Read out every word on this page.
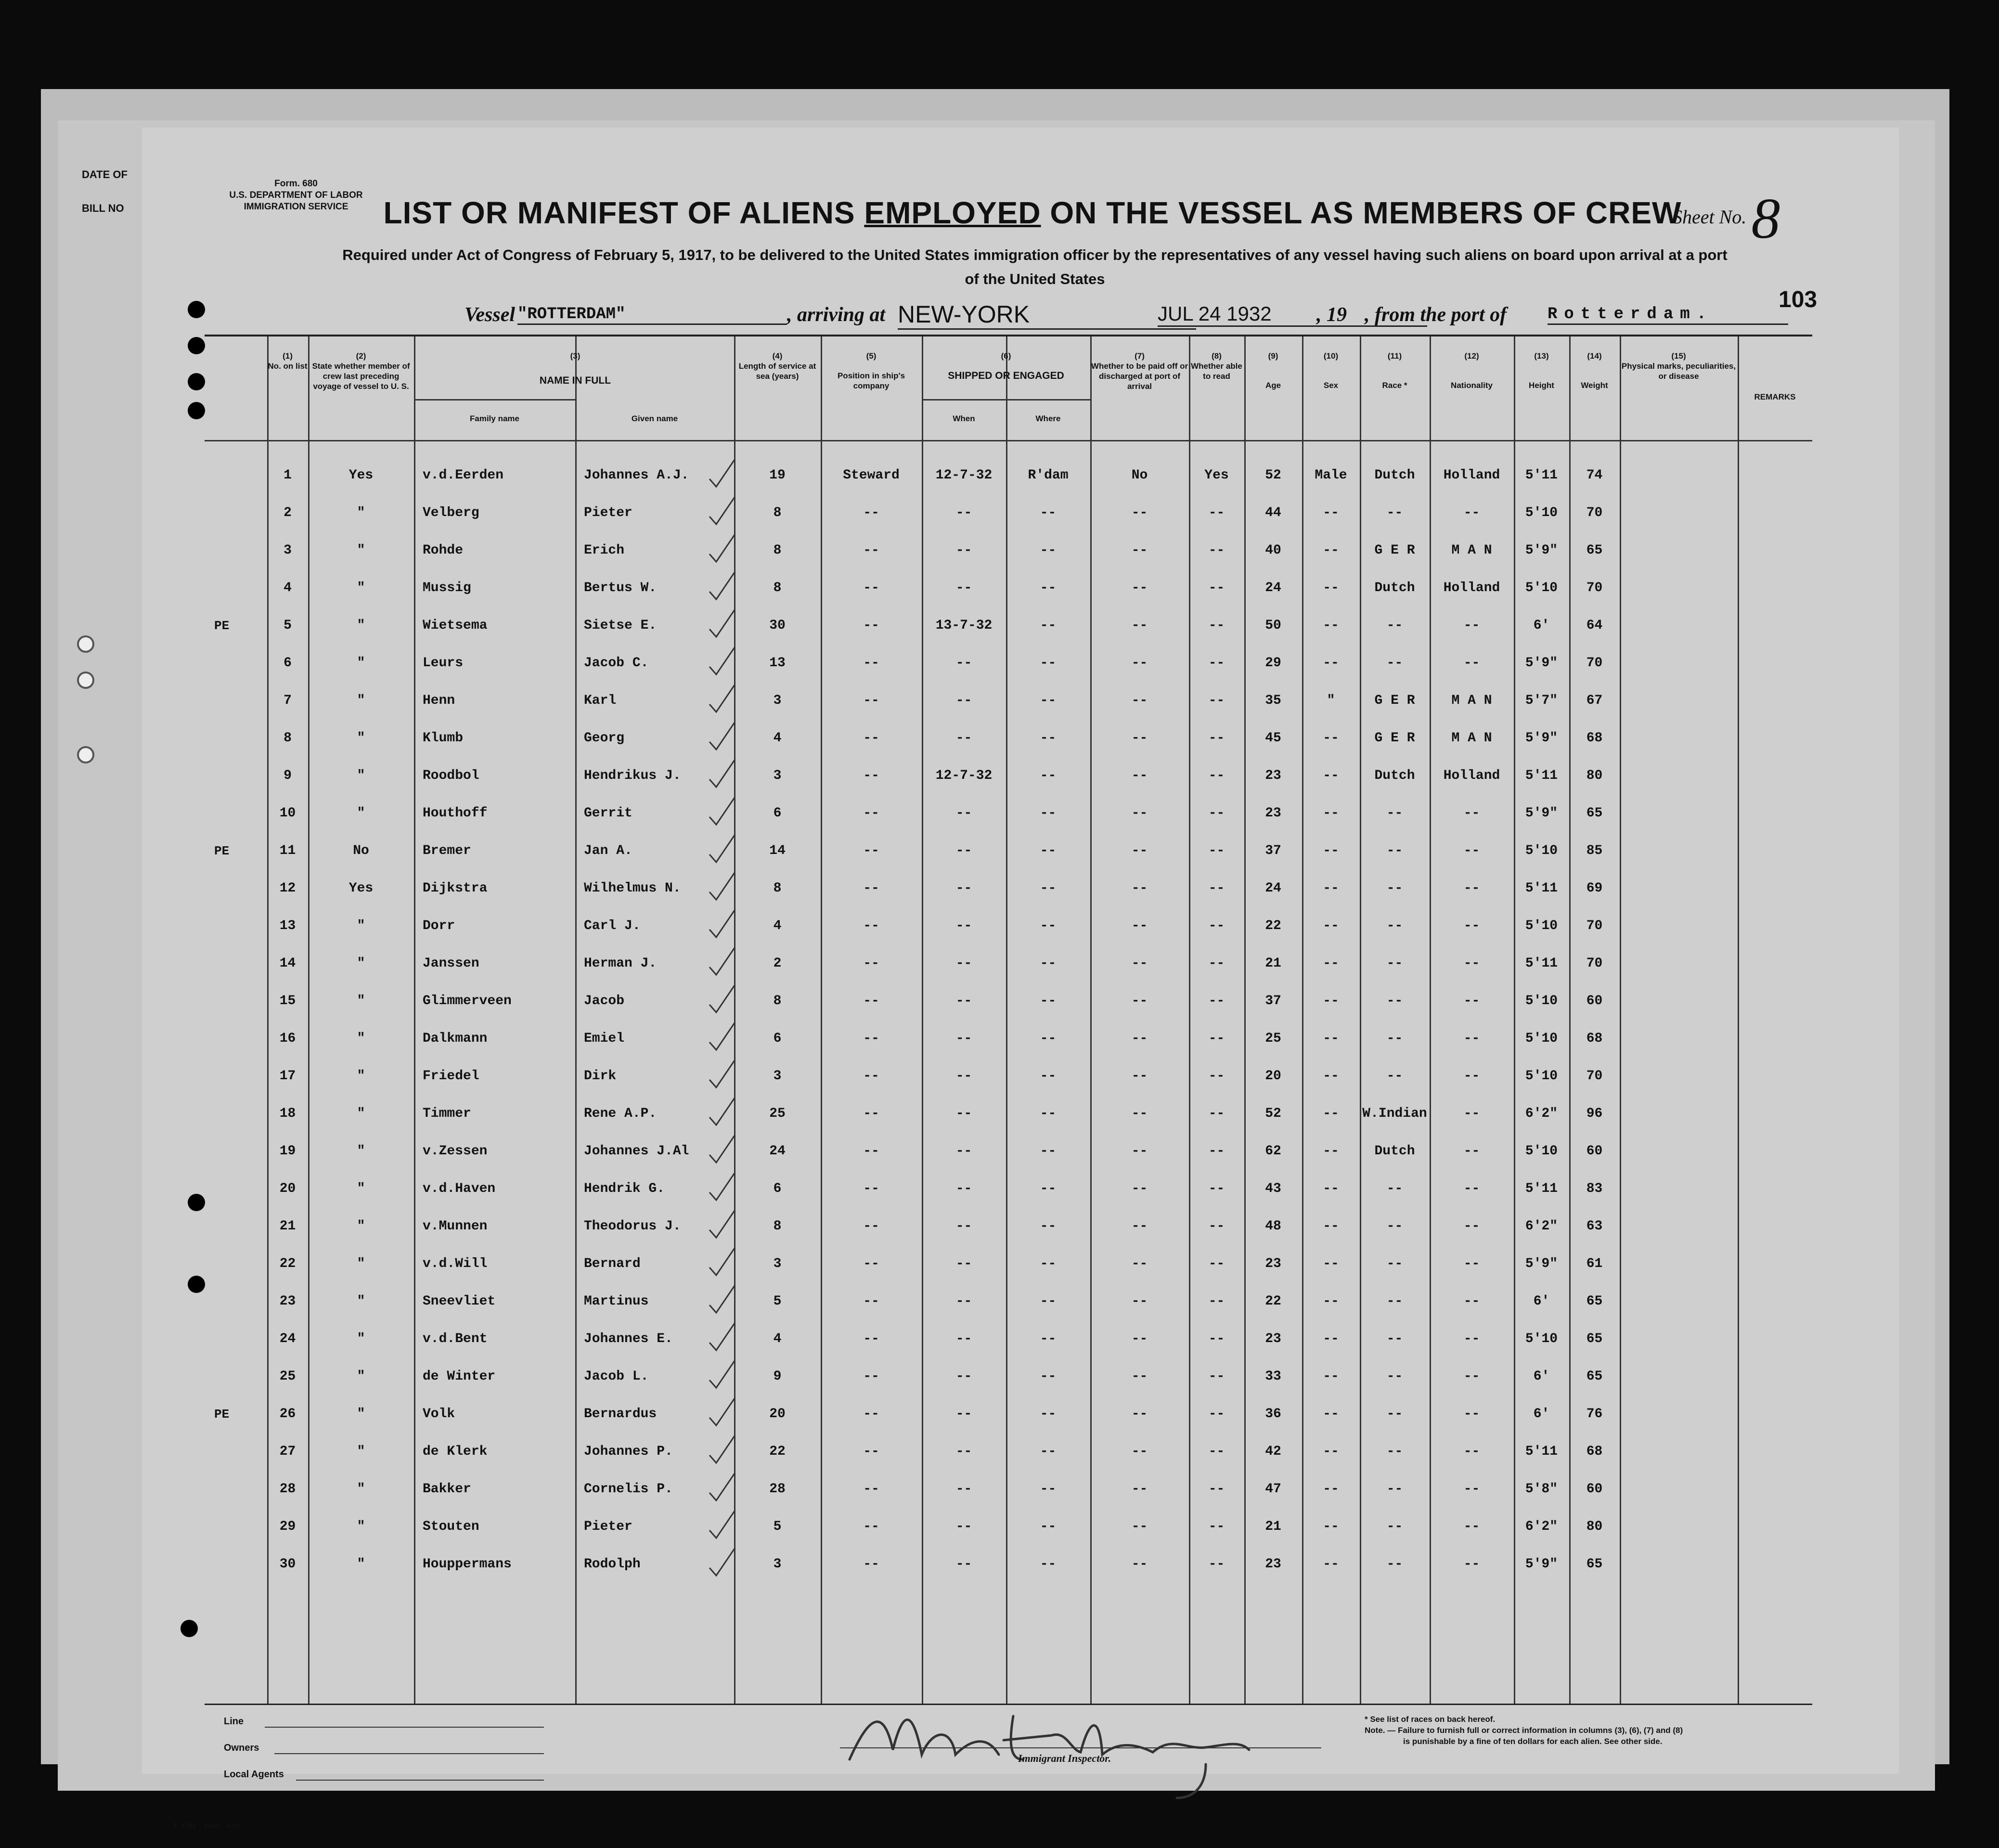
DATE OF
BILL NO
Form. 680
U.S. DEPARTMENT OF LABOR
IMMIGRATION SERVICE	LIST OR MANIFEST OF ALIENS EMPLOYED ON THE VESSEL AS MEMBERS OF CREW
Sheet No.8
Required under Act of Congress of February 5, 1917, to be delivered to the United States immigration officer by the representatives of any vessel having such aliens on board upon arrival at a port
of the United States
103
Vessel "ROTTERDAM"	, arriving at NEW-YORK	JUL 24 1932	, 19 , from the port of Rotterdam.
(1)
No. on list
(2)
State whether member of crew last preceding voyage of vessel to U. S.
(3)
NAME IN FULL
Family name	Given name
(4)
Length of service at sea (years)
(5)
Position in ship's company
(6)
SHIPPED OR ENGAGED
When	Where
(7)
Whether to be paid off or discharged at port of arrival
(8)
Whether able to read
(9)
Age
(10)
Sex
(11)
Race *
(12)
Nationality
(13)
Height
(14)
Weight
(15)
Physical marks, peculiarities, or disease
REMARKS
1	Yes	v.d.Eerden	Johannes A.J.	19	Steward	12-7-32	R'dam	No	Yes	52	Male	Dutch	Holland	5'11	74
2	"	Velberg	Pieter	8	--	--	--	--	--	44	--	--	--	5'10	70
3	"	Rohde	Erich	8	--	--	--	--	--	40	--	G E R	M A N	5'9"	65
4	"	Mussig	Bertus W.	8	--	--	--	--	--	24	--	Dutch	Holland	5'10	70
5	"	Wietsema	Sietse E.	30	--	13-7-32	--	--	--	50	--	--	--	6'	64
6	"	Leurs	Jacob C.	13	--	--	--	--	--	29	--	--	--	5'9"	70
7	"	Henn	Karl	3	--	--	--	--	--	35	"	G E R	M A N	5'7"	67
8	"	Klumb	Georg	4	--	--	--	--	--	45	--	G E R	M A N	5'9"	68
9	"	Roodbol	Hendrikus J.	3	--	12-7-32	--	--	--	23	--	Dutch	Holland	5'11	80
10	"	Houthoff	Gerrit	6	--	--	--	--	--	23	--	--	--	5'9"	65
11	No	Bremer	Jan A.	14	--	--	--	--	--	37	--	--	--	5'10	85
12	Yes	Dijkstra	Wilhelmus N.	8	--	--	--	--	--	24	--	--	--	5'11	69
13	"	Dorr	Carl J.	4	--	--	--	--	--	22	--	--	--	5'10	70
14	"	Janssen	Herman J.	2	--	--	--	--	--	21	--	--	--	5'11	70
15	"	Glimmerveen	Jacob	8	--	--	--	--	--	37	--	--	--	5'10	60
16	"	Dalkmann	Emiel	6	--	--	--	--	--	25	--	--	--	5'10	68
17	"	Friedel	Dirk	3	--	--	--	--	--	20	--	--	--	5'10	70
18	"	Timmer	Rene A.P.	25	--	--	--	--	--	52	--	W.Indian	--	6'2"	96
19	"	v.Zessen	Johannes J.Al	24	--	--	--	--	--	62	--	Dutch	--	5'10	60
20	"	v.d.Haven	Hendrik G.	6	--	--	--	--	--	43	--	--	--	5'11	83
21	"	v.Munnen	Theodorus J.	8	--	--	--	--	--	48	--	--	--	6'2"	63
22	"	v.d.Will	Bernard	3	--	--	--	--	--	23	--	--	--	5'9"	61
23	"	Sneevliet	Martinus	5	--	--	--	--	--	22	--	--	--	6'	65
24	"	v.d.Bent	Johannes E.	4	--	--	--	--	--	23	--	--	--	5'10	65
25	"	de Winter	Jacob L.	9	--	--	--	--	--	33	--	--	--	6'	65
26	"	Volk	Bernardus	20	--	--	--	--	--	36	--	--	--	6'	76
27	"	de Klerk	Johannes P.	22	--	--	--	--	--	42	--	--	--	5'11	68
28	"	Bakker	Cornelis P.	28	--	--	--	--	--	47	--	--	--	5'8"	60
29	"	Stouten	Pieter	5	--	--	--	--	--	21	--	--	--	6'2"	80
30	"	Houppermans	Rodolph	3	--	--	--	--	--	23	--	--	--	5'9"	65
PE
PE
PE
Line
Owners
Local Agents
Immigrant Inspector.
* See list of races on back hereof.
Note. — Failure to furnish full or correct information in columns (3), (6), (7) and (8)
is punishable by a fine of ten dollars for each alien. See other side.
T. 3752 - 5000 - 3-31.
